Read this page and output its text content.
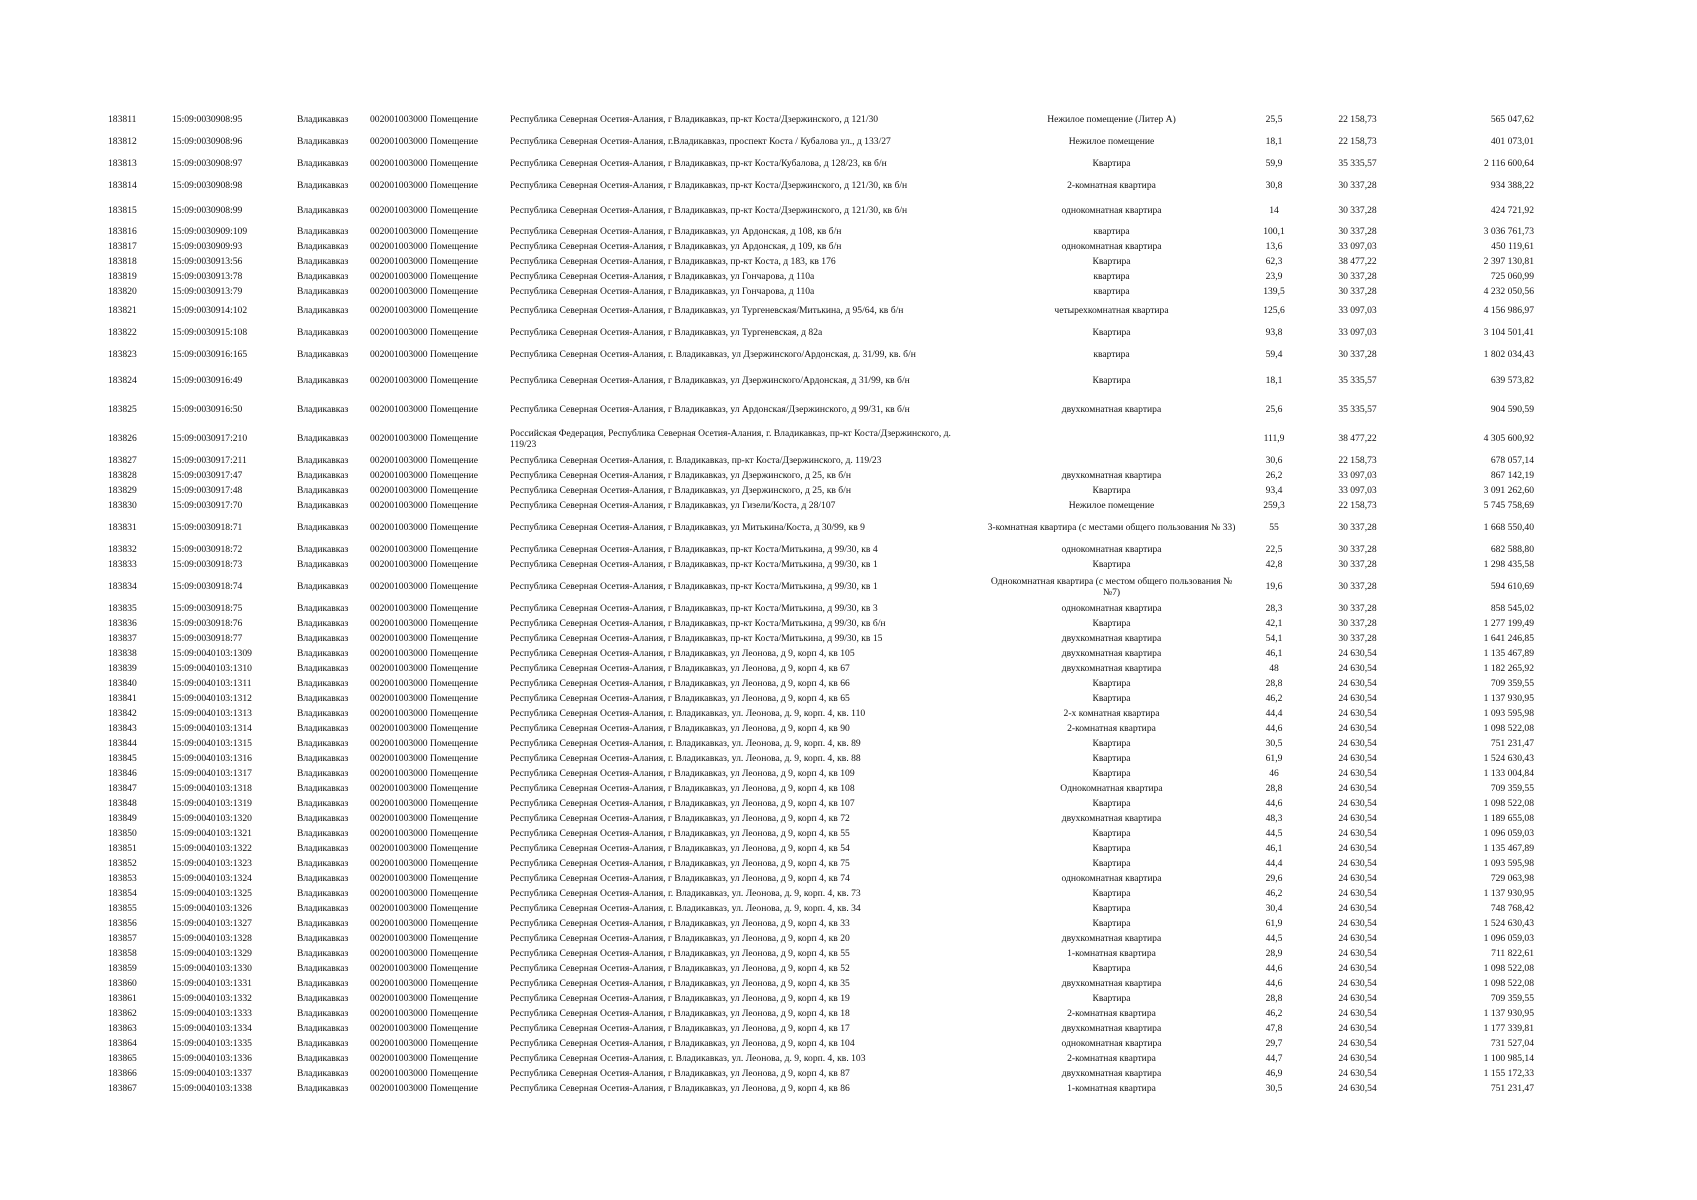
183811	15:09:0030908:95	Владикавказ	002001003000 Помещение	Республика Северная Осетия-Алания, г Владикавказ, пр-кт Коста/Дзержинского, д 121/30	Нежилое помещение (Литер А)	25,5	22 158,73	565 047,62
183812	15:09:0030908:96	Владикавказ	002001003000 Помещение	Республика Северная Осетия-Алания, г.Владикавказ, проспект Коста / Кубалова ул., д 133/27	Нежилое помещение	18,1	22 158,73	401 073,01
183813	15:09:0030908:97	Владикавказ	002001003000 Помещение	Республика Северная Осетия-Алания, г Владикавказ, пр-кт Коста/Кубалова, д 128/23, кв б/н	Квартира	59,9	35 335,57	2 116 600,64
183814	15:09:0030908:98	Владикавказ	002001003000 Помещение	Республика Северная Осетия-Алания, г Владикавказ, пр-кт Коста/Дзержинского, д 121/30, кв б/н	2-комнатная квартира	30,8	30 337,28	934 388,22
183815	15:09:0030908:99	Владикавказ	002001003000 Помещение	Республика Северная Осетия-Алания, г Владикавказ, пр-кт Коста/Дзержинского, д 121/30, кв б/н	однокомнатная квартира	14	30 337,28	424 721,92
183816	15:09:0030909:109	Владикавказ	002001003000 Помещение	Республика Северная Осетия-Алания, г Владикавказ, ул Ардонская, д 108, кв б/н	квартира	100,1	30 337,28	3 036 761,73
183817	15:09:0030909:93	Владикавказ	002001003000 Помещение	Республика Северная Осетия-Алания, г Владикавказ, ул Ардонская, д 109, кв б/н	однокомнатная квартира	13,6	33 097,03	450 119,61
183818	15:09:0030913:56	Владикавказ	002001003000 Помещение	Республика Северная Осетия-Алания, г Владикавказ, пр-кт Коста, д 183, кв 176	Квартира	62,3	38 477,22	2 397 130,81
183819	15:09:0030913:78	Владикавказ	002001003000 Помещение	Республика Северная Осетия-Алания, г Владикавказ, ул Гончарова, д 110а	квартира	23,9	30 337,28	725 060,99
183820	15:09:0030913:79	Владикавказ	002001003000 Помещение	Республика Северная Осетия-Алания, г Владикавказ, ул Гончарова, д 110а	квартира	139,5	30 337,28	4 232 050,56
183821	15:09:0030914:102	Владикавказ	002001003000 Помещение	Республика Северная Осетия-Алания, г Владикавказ, ул Тургеневская/Митькина, д 95/64, кв б/н	четырехкомнатная квартира	125,6	33 097,03	4 156 986,97
183822	15:09:0030915:108	Владикавказ	002001003000 Помещение	Республика Северная Осетия-Алания, г Владикавказ, ул Тургеневская, д 82а	Квартира	93,8	33 097,03	3 104 501,41
183823	15:09:0030916:165	Владикавказ	002001003000 Помещение	Республика Северная Осетия-Алания, г. Владикавказ, ул Дзержинского/Ардонская, д. 31/99, кв. б/н	квартира	59,4	30 337,28	1 802 034,43
183824	15:09:0030916:49	Владикавказ	002001003000 Помещение	Республика Северная Осетия-Алания, г Владикавказ, ул Дзержинского/Ардонская, д 31/99, кв б/н	Квартира	18,1	35 335,57	639 573,82
183825	15:09:0030916:50	Владикавказ	002001003000 Помещение	Республика Северная Осетия-Алания, г Владикавказ, ул Ардонская/Дзержинского, д 99/31, кв б/н	двухкомнатная квартира	25,6	35 335,57	904 590,59
183826	15:09:0030917:210	Владикавказ	002001003000 Помещение	Российская Федерация, Республика Северная Осетия-Алания, г. Владикавказ, пр-кт Коста/Дзержинского, д. 119/23		111,9	38 477,22	4 305 600,92
183827	15:09:0030917:211	Владикавказ	002001003000 Помещение	Республика Северная Осетия-Алания, г. Владикавказ, пр-кт Коста/Дзержинского, д. 119/23		30,6	22 158,73	678 057,14
183828	15:09:0030917:47	Владикавказ	002001003000 Помещение	Республика Северная Осетия-Алания, г Владикавказ, ул Дзержинского, д 25, кв б/н	двухкомнатная квартира	26,2	33 097,03	867 142,19
183829	15:09:0030917:48	Владикавказ	002001003000 Помещение	Республика Северная Осетия-Алания, г Владикавказ, ул Дзержинского, д 25, кв б/н	Квартира	93,4	33 097,03	3 091 262,60
183830	15:09:0030917:70	Владикавказ	002001003000 Помещение	Республика Северная Осетия-Алания, г Владикавказ, ул Гизели/Коста, д 28/107	Нежилое помещение	259,3	22 158,73	5 745 758,69
183831	15:09:0030918:71	Владикавказ	002001003000 Помещение	Республика Северная Осетия-Алания, г Владикавказ, ул Митькина/Коста, д 30/99, кв 9	3-комнатная квартира (с местами общего пользования № 33)	55	30 337,28	1 668 550,40
183832	15:09:0030918:72	Владикавказ	002001003000 Помещение	Республика Северная Осетия-Алания, г Владикавказ, пр-кт Коста/Митькина, д 99/30, кв 4	однокомнатная квартира	22,5	30 337,28	682 588,80
183833	15:09:0030918:73	Владикавказ	002001003000 Помещение	Республика Северная Осетия-Алания, г Владикавказ, пр-кт Коста/Митькина, д 99/30, кв 1	Квартира	42,8	30 337,28	1 298 435,58
183834	15:09:0030918:74	Владикавказ	002001003000 Помещение	Республика Северная Осетия-Алания, г Владикавказ, пр-кт Коста/Митькина, д 99/30, кв 1	Однокомнатная квартира (с местом общего пользования №№7)	19,6	30 337,28	594 610,69
183835	15:09:0030918:75	Владикавказ	002001003000 Помещение	Республика Северная Осетия-Алания, г Владикавказ, пр-кт Коста/Митькина, д 99/30, кв 3	однокомнатная квартира	28,3	30 337,28	858 545,02
183836	15:09:0030918:76	Владикавказ	002001003000 Помещение	Республика Северная Осетия-Алания, г Владикавказ, пр-кт Коста/Митькина, д 99/30, кв б/н	Квартира	42,1	30 337,28	1 277 199,49
183837	15:09:0030918:77	Владикавказ	002001003000 Помещение	Республика Северная Осетия-Алания, г Владикавказ, пр-кт Коста/Митькина, д 99/30, кв 15	двухкомнатная квартира	54,1	30 337,28	1 641 246,85
183838	15:09:0040103:1309	Владикавказ	002001003000 Помещение	Республика Северная Осетия-Алания, г Владикавказ, ул Леонова, д 9, корп 4, кв 105	двухкомнатная квартира	46,1	24 630,54	1 135 467,89
183839	15:09:0040103:1310	Владикавказ	002001003000 Помещение	Республика Северная Осетия-Алания, г Владикавказ, ул Леонова, д 9, корп 4, кв 67	двухкомнатная квартира	48	24 630,54	1 182 265,92
183840	15:09:0040103:1311	Владикавказ	002001003000 Помещение	Республика Северная Осетия-Алания, г Владикавказ, ул Леонова, д 9, корп 4, кв 66	Квартира	28,8	24 630,54	709 359,55
183841	15:09:0040103:1312	Владикавказ	002001003000 Помещение	Республика Северная Осетия-Алания, г Владикавказ, ул Леонова, д 9, корп 4, кв 65	Квартира	46,2	24 630,54	1 137 930,95
183842	15:09:0040103:1313	Владикавказ	002001003000 Помещение	Республика Северная Осетия-Алания, г. Владикавказ, ул. Леонова, д. 9, корп. 4, кв. 110	2-х комнатная квартира	44,4	24 630,54	1 093 595,98
183843	15:09:0040103:1314	Владикавказ	002001003000 Помещение	Республика Северная Осетия-Алания, г Владикавказ, ул Леонова, д 9, корп 4, кв 90	2-комнатная квартира	44,6	24 630,54	1 098 522,08
183844	15:09:0040103:1315	Владикавказ	002001003000 Помещение	Республика Северная Осетия-Алания, г. Владикавказ, ул. Леонова, д. 9, корп. 4, кв. 89	Квартира	30,5	24 630,54	751 231,47
183845	15:09:0040103:1316	Владикавказ	002001003000 Помещение	Республика Северная Осетия-Алания, г. Владикавказ, ул. Леонова, д. 9, корп. 4, кв. 88	Квартира	61,9	24 630,54	1 524 630,43
183846	15:09:0040103:1317	Владикавказ	002001003000 Помещение	Республика Северная Осетия-Алания, г Владикавказ, ул Леонова, д 9, корп 4, кв 109	Квартира	46	24 630,54	1 133 004,84
183847	15:09:0040103:1318	Владикавказ	002001003000 Помещение	Республика Северная Осетия-Алания, г Владикавказ, ул Леонова, д 9, корп 4, кв 108	Однокомнатная квартира	28,8	24 630,54	709 359,55
183848	15:09:0040103:1319	Владикавказ	002001003000 Помещение	Республика Северная Осетия-Алания, г Владикавказ, ул Леонова, д 9, корп 4, кв 107	Квартира	44,6	24 630,54	1 098 522,08
183849	15:09:0040103:1320	Владикавказ	002001003000 Помещение	Республика Северная Осетия-Алания, г Владикавказ, ул Леонова, д 9, корп 4, кв 72	двухкомнатная квартира	48,3	24 630,54	1 189 655,08
183850	15:09:0040103:1321	Владикавказ	002001003000 Помещение	Республика Северная Осетия-Алания, г Владикавказ, ул Леонова, д 9, корп 4, кв 55	Квартира	44,5	24 630,54	1 096 059,03
183851	15:09:0040103:1322	Владикавказ	002001003000 Помещение	Республика Северная Осетия-Алания, г Владикавказ, ул Леонова, д 9, корп 4, кв 54	Квартира	46,1	24 630,54	1 135 467,89
183852	15:09:0040103:1323	Владикавказ	002001003000 Помещение	Республика Северная Осетия-Алания, г Владикавказ, ул Леонова, д 9, корп 4, кв 75	Квартира	44,4	24 630,54	1 093 595,98
183853	15:09:0040103:1324	Владикавказ	002001003000 Помещение	Республика Северная Осетия-Алания, г Владикавказ, ул Леонова, д 9, корп 4, кв 74	однокомнатная квартира	29,6	24 630,54	729 063,98
183854	15:09:0040103:1325	Владикавказ	002001003000 Помещение	Республика Северная Осетия-Алания, г. Владикавказ, ул. Леонова, д. 9, корп. 4, кв. 73	Квартира	46,2	24 630,54	1 137 930,95
183855	15:09:0040103:1326	Владикавказ	002001003000 Помещение	Республика Северная Осетия-Алания, г. Владикавказ, ул. Леонова, д. 9, корп. 4, кв. 34	Квартира	30,4	24 630,54	748 768,42
183856	15:09:0040103:1327	Владикавказ	002001003000 Помещение	Республика Северная Осетия-Алания, г Владикавказ, ул Леонова, д 9, корп 4, кв 33	Квартира	61,9	24 630,54	1 524 630,43
183857	15:09:0040103:1328	Владикавказ	002001003000 Помещение	Республика Северная Осетия-Алания, г Владикавказ, ул Леонова, д 9, корп 4, кв 20	двухкомнатная квартира	44,5	24 630,54	1 096 059,03
183858	15:09:0040103:1329	Владикавказ	002001003000 Помещение	Республика Северная Осетия-Алания, г Владикавказ, ул Леонова, д 9, корп 4, кв 55	1-комнатная квартира	28,9	24 630,54	711 822,61
183859	15:09:0040103:1330	Владикавказ	002001003000 Помещение	Республика Северная Осетия-Алания, г Владикавказ, ул Леонова, д 9, корп 4, кв 52	Квартира	44,6	24 630,54	1 098 522,08
183860	15:09:0040103:1331	Владикавказ	002001003000 Помещение	Республика Северная Осетия-Алания, г Владикавказ, ул Леонова, д 9, корп 4, кв 35	двухкомнатная квартира	44,6	24 630,54	1 098 522,08
183861	15:09:0040103:1332	Владикавказ	002001003000 Помещение	Республика Северная Осетия-Алания, г Владикавказ, ул Леонова, д 9, корп 4, кв 19	Квартира	28,8	24 630,54	709 359,55
183862	15:09:0040103:1333	Владикавказ	002001003000 Помещение	Республика Северная Осетия-Алания, г Владикавказ, ул Леонова, д 9, корп 4, кв 18	2-комнатная квартира	46,2	24 630,54	1 137 930,95
183863	15:09:0040103:1334	Владикавказ	002001003000 Помещение	Республика Северная Осетия-Алания, г Владикавказ, ул Леонова, д 9, корп 4, кв 17	двухкомнатная квартира	47,8	24 630,54	1 177 339,81
183864	15:09:0040103:1335	Владикавказ	002001003000 Помещение	Республика Северная Осетия-Алания, г Владикавказ, ул Леонова, д 9, корп 4, кв 104	однокомнатная квартира	29,7	24 630,54	731 527,04
183865	15:09:0040103:1336	Владикавказ	002001003000 Помещение	Республика Северная Осетия-Алания, г. Владикавказ, ул. Леонова, д. 9, корп. 4, кв. 103	2-комнатная квартира	44,7	24 630,54	1 100 985,14
183866	15:09:0040103:1337	Владикавказ	002001003000 Помещение	Республика Северная Осетия-Алания, г Владикавказ, ул Леонова, д 9, корп 4, кв 87	двухкомнатная квартира	46,9	24 630,54	1 155 172,33
183867	15:09:0040103:1338	Владикавказ	002001003000 Помещение	Республика Северная Осетия-Алания, г Владикавказ, ул Леонова, д 9, корп 4, кв 86	1-комнатная квартира	30,5	24 630,54	751 231,47
